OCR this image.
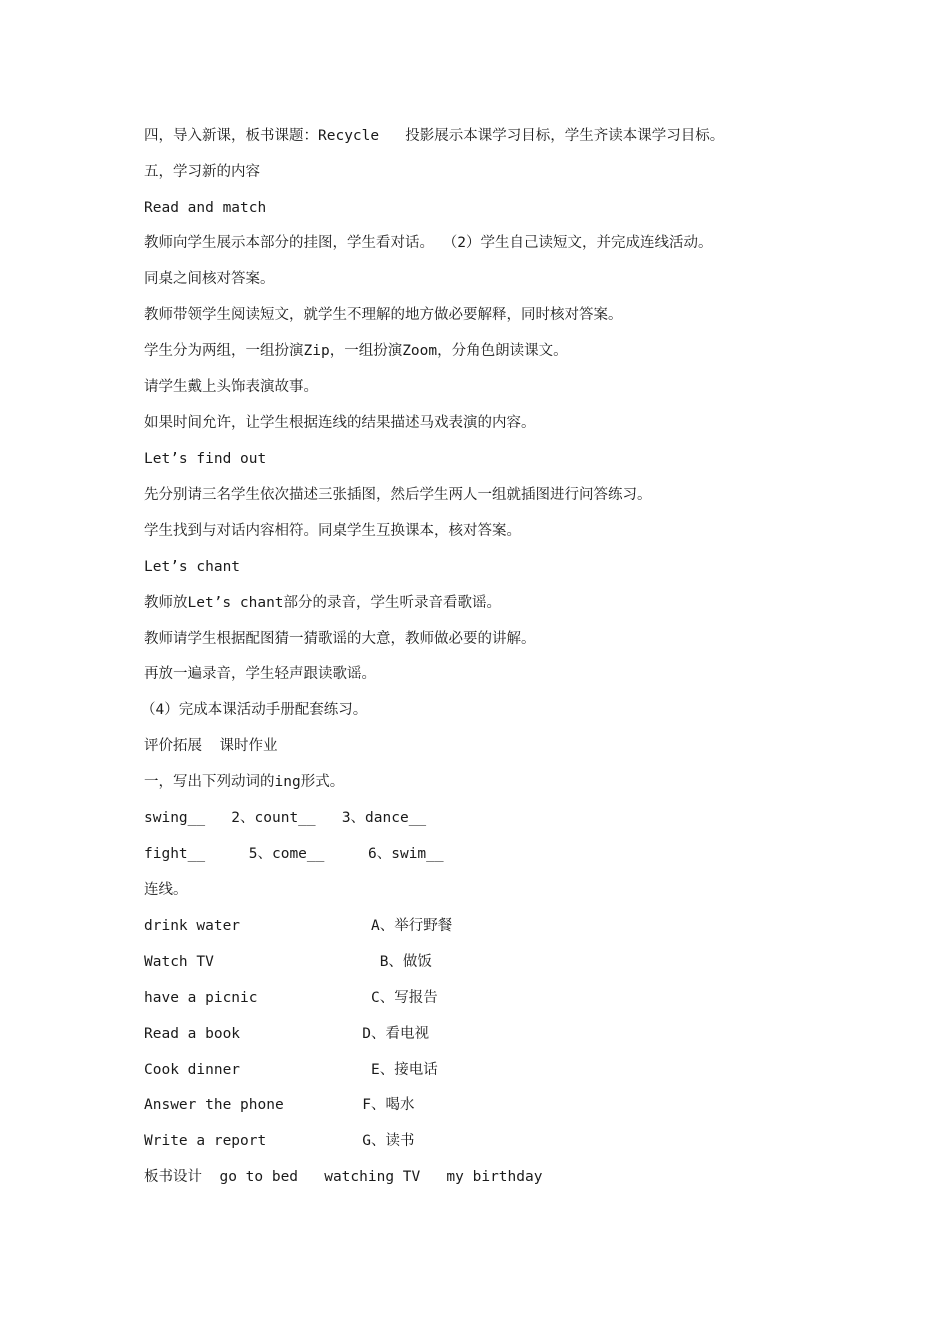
四，导入新课，板书课题：Recycle   投影展示本课学习目标，学生齐读本课学习目标。
五，学习新的内容
Read and match
教师向学生展示本部分的挂图，学生看对话。 （2）学生自己读短文，并完成连线活动。
同桌之间核对答案。
教师带领学生阅读短文，就学生不理解的地方做必要解释，同时核对答案。
学生分为两组，一组扮演Zip，一组扮演Zoom，分角色朗读课文。
请学生戴上头饰表演故事。
如果时间允许，让学生根据连线的结果描述马戏表演的内容。
Let’s find out
先分别请三名学生依次描述三张插图，然后学生两人一组就插图进行问答练习。
学生找到与对话内容相符。同桌学生互换课本，核对答案。
Let’s chant
教师放Let’s chant部分的录音，学生听录音看歌谣。
教师请学生根据配图猜一猜歌谣的大意，教师做必要的讲解。
再放一遍录音，学生轻声跟读歌谣。
（4）完成本课活动手册配套练习。
评价拓展  课时作业
一，写出下列动词的ing形式。
swing__   2、count__   3、dance__
fight__     5、come__     6、swim__
连线。
drink water               A、举行野餐
Watch TV                   B、做饭
have a picnic             C、写报告
Read a book              D、看电视
Cook dinner               E、接电话
Answer the phone         F、喝水
Write a report           G、读书
板书设计  go to bed   watching TV   my birthday
